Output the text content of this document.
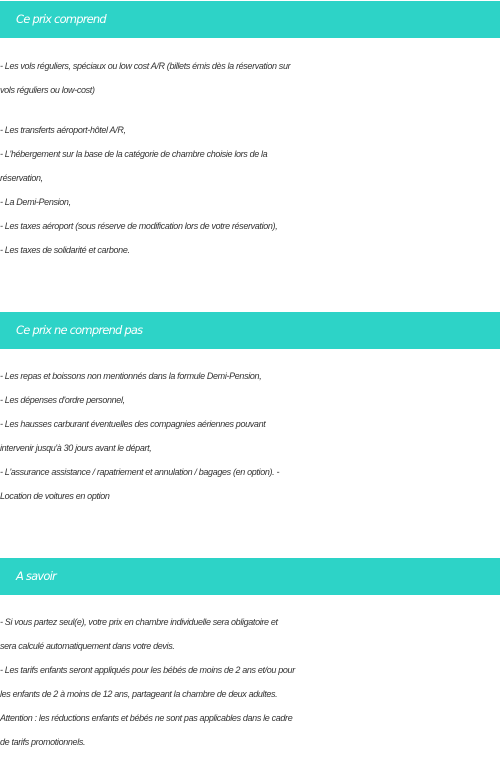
Ce prix comprend
- Les vols réguliers, spéciaux ou low cost A/R (billets émis dès la réservation sur
vols réguliers ou low-cost)
- Les transferts aéroport-hôtel A/R,
- L'hébergement sur la base de la catégorie de chambre choisie lors de la
réservation,
- La Demi-Pension,
- Les taxes aéroport (sous réserve de modification lors de votre réservation),
- Les taxes de solidarité et carbone.
Ce prix ne comprend pas
- Les repas et boissons non mentionnés dans la formule Demi-Pension,
- Les dépenses d'ordre personnel,
- Les hausses carburant éventuelles des compagnies aériennes pouvant
intervenir jusqu'à 30 jours avant le départ,
- L'assurance assistance / rapatriement et annulation / bagages (en option). -
Location de voitures en option
A savoir
- Si vous partez seul(e), votre prix en chambre individuelle sera obligatoire et
sera calculé automatiquement dans votre devis.
- Les tarifs enfants seront appliqués pour les bébés de moins de 2 ans et/ou pour
les enfants de 2 à moins de 12 ans, partageant la chambre de deux adultes.
Attention : les réductions enfants et bébés ne sont pas applicables dans le cadre
de tarifs promotionnels.
